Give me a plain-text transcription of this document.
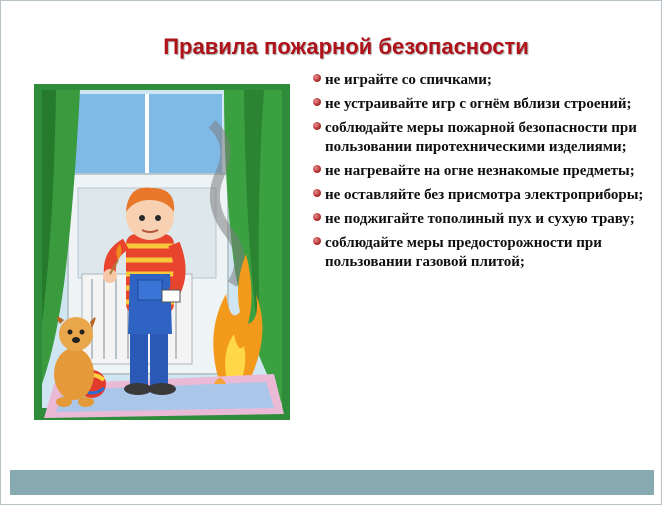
Правила пожарной безопасности
не играйте со спичками;
не устраивайте игр с огнём вблизи строений;
соблюдайте меры пожарной безопасности при пользовании пиротехническими изделиями;
не нагревайте на огне незнакомые предметы;
не оставляйте без присмотра электроприборы;
не поджигайте тополиный пух и сухую траву;
соблюдайте меры предосторожности при пользовании газовой плитой;
